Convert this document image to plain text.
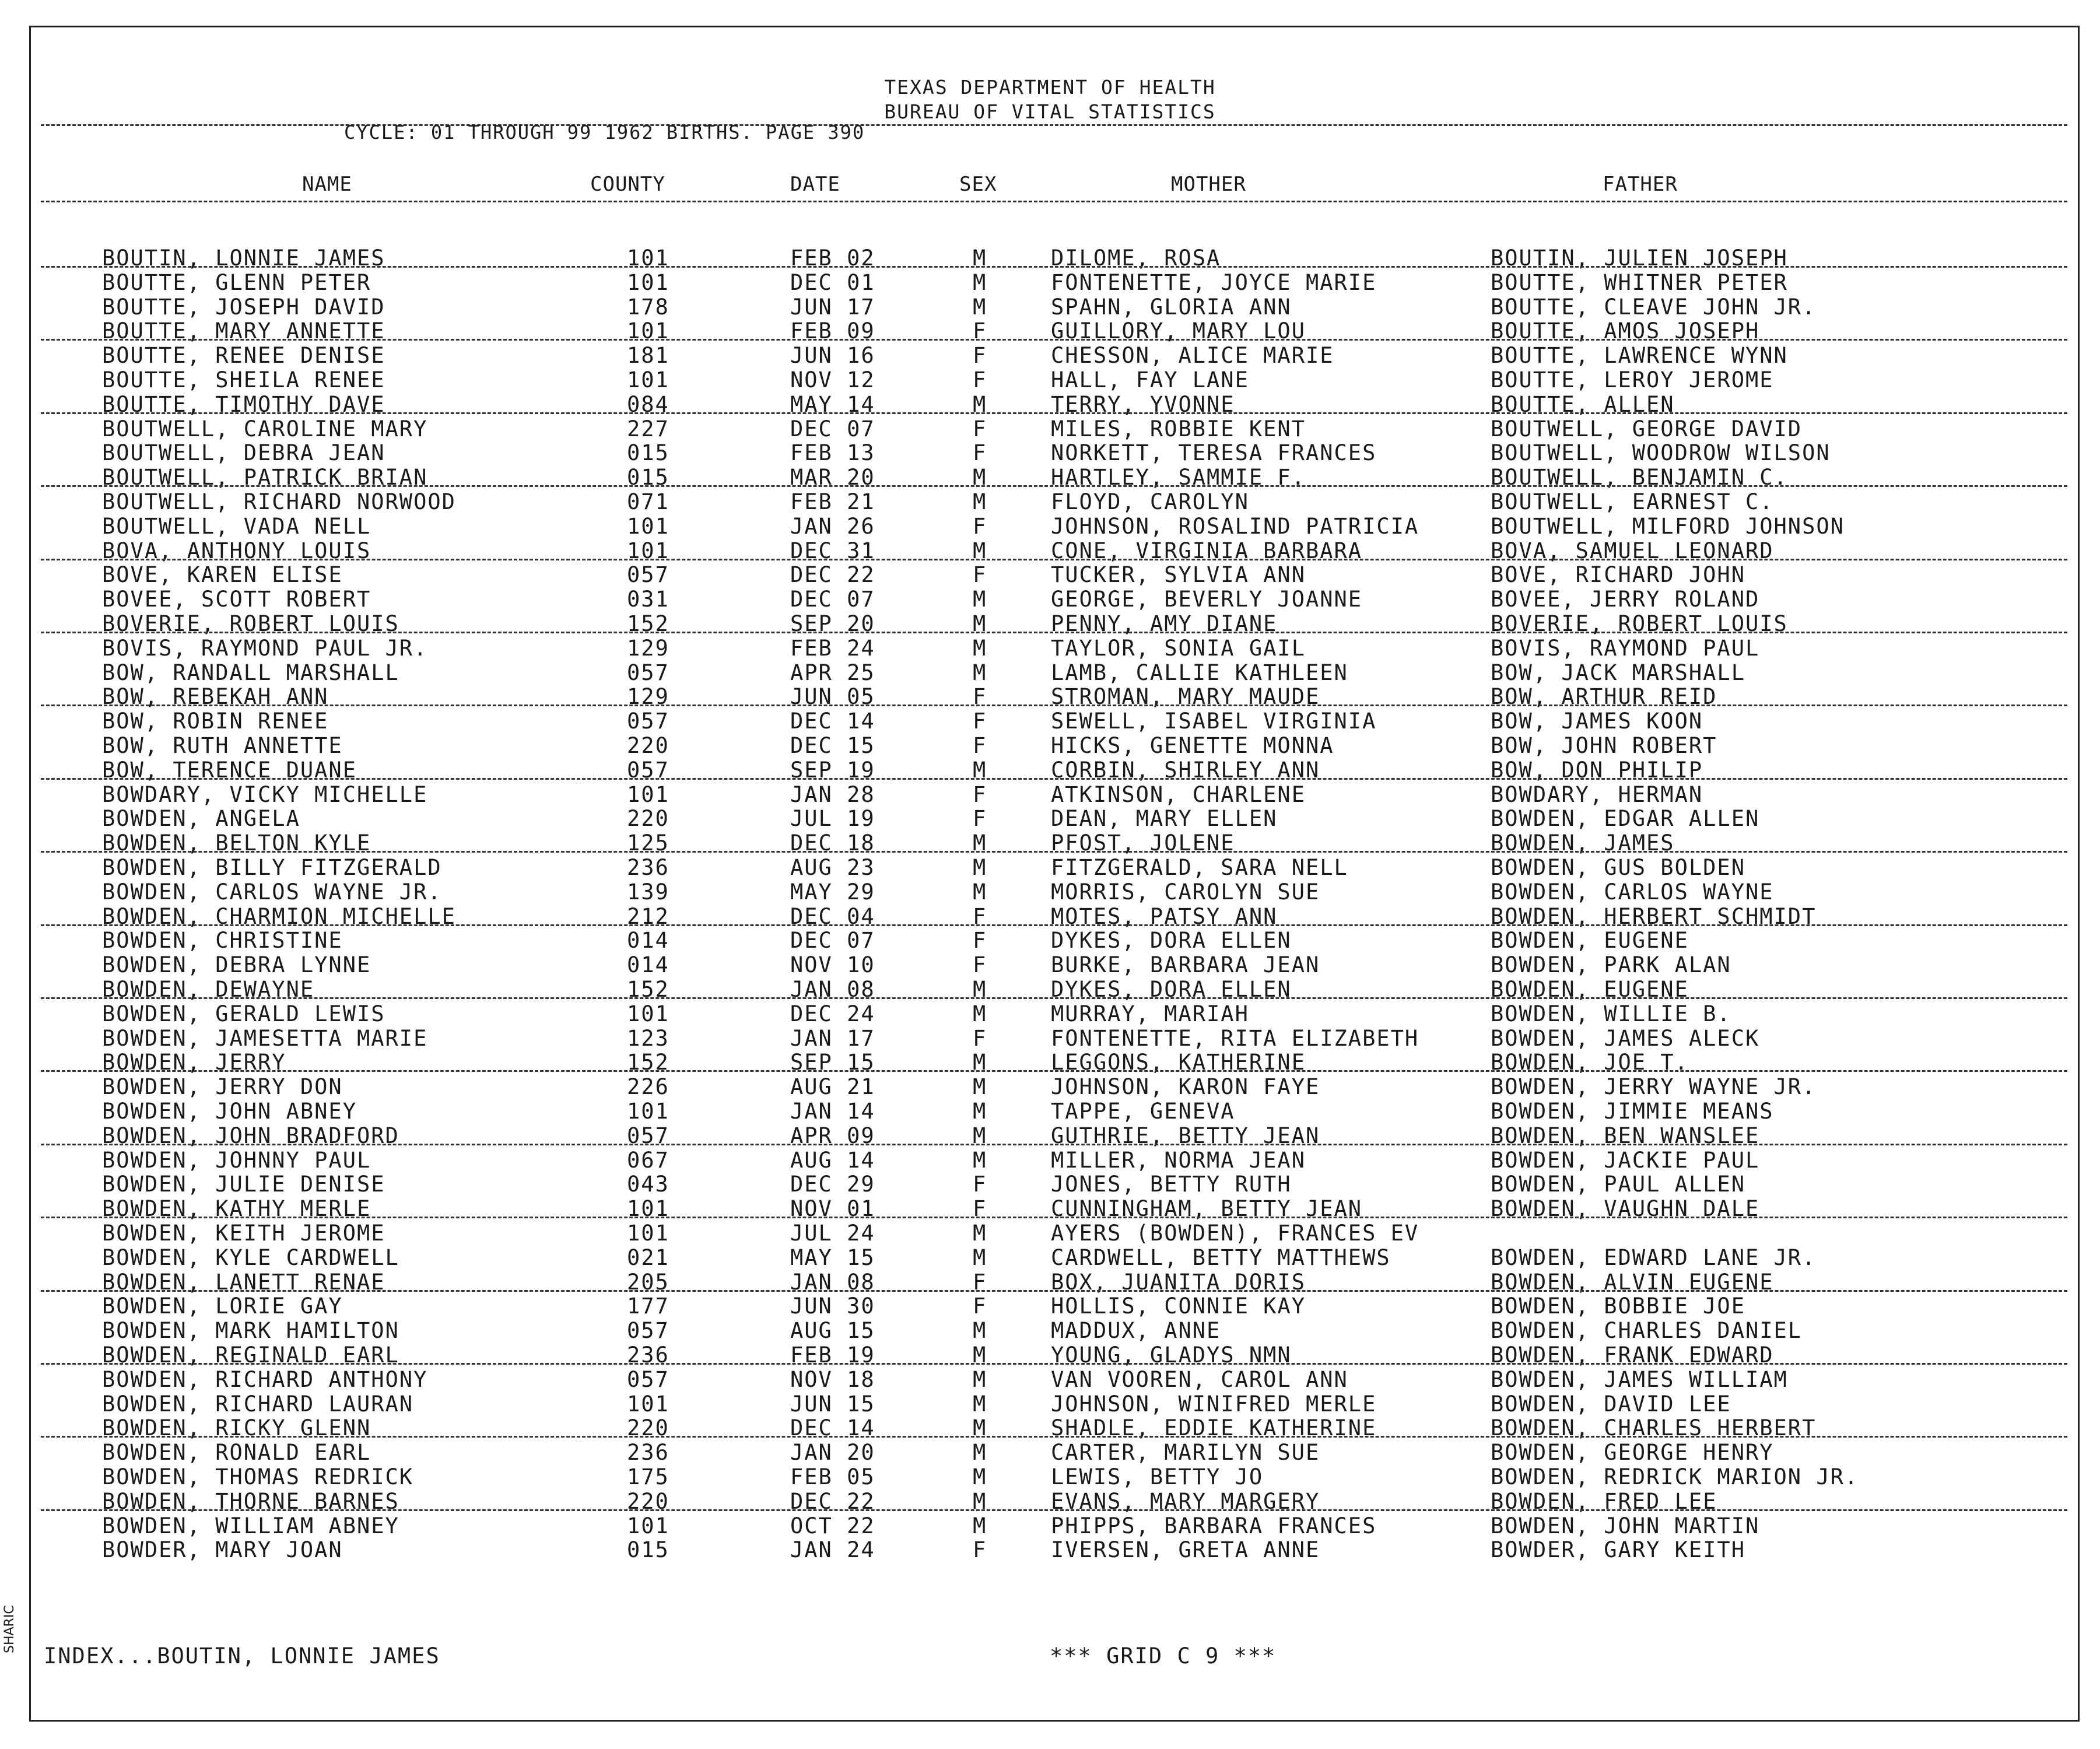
TEXAS DEPARTMENT OF HEALTH
BUREAU OF VITAL STATISTICS
CYCLE: 01 THROUGH 99 1962 BIRTHS. PAGE 390
NAME	COUNTY	DATE	SEX	MOTHER	FATHER
BOUTIN, LONNIE JAMES	101	FEB 02	M	DILOME, ROSA	BOUTIN, JULIEN JOSEPH
BOUTTE, GLENN PETER	101	DEC 01	M	FONTENETTE, JOYCE MARIE	BOUTTE, WHITNER PETER
BOUTTE, JOSEPH DAVID	178	JUN 17	M	SPAHN, GLORIA ANN	BOUTTE, CLEAVE JOHN JR.
BOUTTE, MARY ANNETTE	101	FEB 09	F	GUILLORY, MARY LOU	BOUTTE, AMOS JOSEPH
BOUTTE, RENEE DENISE	181	JUN 16	F	CHESSON, ALICE MARIE	BOUTTE, LAWRENCE WYNN
BOUTTE, SHEILA RENEE	101	NOV 12	F	HALL, FAY LANE	BOUTTE, LEROY JEROME
BOUTTE, TIMOTHY DAVE	084	MAY 14	M	TERRY, YVONNE	BOUTTE, ALLEN
BOUTWELL, CAROLINE MARY	227	DEC 07	F	MILES, ROBBIE KENT	BOUTWELL, GEORGE DAVID
BOUTWELL, DEBRA JEAN	015	FEB 13	F	NORKETT, TERESA FRANCES	BOUTWELL, WOODROW WILSON
BOUTWELL, PATRICK BRIAN	015	MAR 20	M	HARTLEY, SAMMIE F.	BOUTWELL, BENJAMIN C.
BOUTWELL, RICHARD NORWOOD	071	FEB 21	M	FLOYD, CAROLYN	BOUTWELL, EARNEST C.
BOUTWELL, VADA NELL	101	JAN 26	F	JOHNSON, ROSALIND PATRICIA	BOUTWELL, MILFORD JOHNSON
BOVA, ANTHONY LOUIS	101	DEC 31	M	CONE, VIRGINIA BARBARA	BOVA, SAMUEL LEONARD
BOVE, KAREN ELISE	057	DEC 22	F	TUCKER, SYLVIA ANN	BOVE, RICHARD JOHN
BOVEE, SCOTT ROBERT	031	DEC 07	M	GEORGE, BEVERLY JOANNE	BOVEE, JERRY ROLAND
BOVERIE, ROBERT LOUIS	152	SEP 20	M	PENNY, AMY DIANE	BOVERIE, ROBERT LOUIS
BOVIS, RAYMOND PAUL JR.	129	FEB 24	M	TAYLOR, SONIA GAIL	BOVIS, RAYMOND PAUL
BOW, RANDALL MARSHALL	057	APR 25	M	LAMB, CALLIE KATHLEEN	BOW, JACK MARSHALL
BOW, REBEKAH ANN	129	JUN 05	F	STROMAN, MARY MAUDE	BOW, ARTHUR REID
BOW, ROBIN RENEE	057	DEC 14	F	SEWELL, ISABEL VIRGINIA	BOW, JAMES KOON
BOW, RUTH ANNETTE	220	DEC 15	F	HICKS, GENETTE MONNA	BOW, JOHN ROBERT
BOW, TERENCE DUANE	057	SEP 19	M	CORBIN, SHIRLEY ANN	BOW, DON PHILIP
BOWDARY, VICKY MICHELLE	101	JAN 28	F	ATKINSON, CHARLENE	BOWDARY, HERMAN
BOWDEN, ANGELA	220	JUL 19	F	DEAN, MARY ELLEN	BOWDEN, EDGAR ALLEN
BOWDEN, BELTON KYLE	125	DEC 18	M	PFOST, JOLENE	BOWDEN, JAMES
BOWDEN, BILLY FITZGERALD	236	AUG 23	M	FITZGERALD, SARA NELL	BOWDEN, GUS BOLDEN
BOWDEN, CARLOS WAYNE JR.	139	MAY 29	M	MORRIS, CAROLYN SUE	BOWDEN, CARLOS WAYNE
BOWDEN, CHARMION MICHELLE	212	DEC 04	F	MOTES, PATSY ANN	BOWDEN, HERBERT SCHMIDT
BOWDEN, CHRISTINE	014	DEC 07	F	DYKES, DORA ELLEN	BOWDEN, EUGENE
BOWDEN, DEBRA LYNNE	014	NOV 10	F	BURKE, BARBARA JEAN	BOWDEN, PARK ALAN
BOWDEN, DEWAYNE	152	JAN 08	M	DYKES, DORA ELLEN	BOWDEN, EUGENE
BOWDEN, GERALD LEWIS	101	DEC 24	M	MURRAY, MARIAH	BOWDEN, WILLIE B.
BOWDEN, JAMESETTA MARIE	123	JAN 17	F	FONTENETTE, RITA ELIZABETH	BOWDEN, JAMES ALECK
BOWDEN, JERRY	152	SEP 15	M	LEGGONS, KATHERINE	BOWDEN, JOE T.
BOWDEN, JERRY DON	226	AUG 21	M	JOHNSON, KARON FAYE	BOWDEN, JERRY WAYNE JR.
BOWDEN, JOHN ABNEY	101	JAN 14	M	TAPPE, GENEVA	BOWDEN, JIMMIE MEANS
BOWDEN, JOHN BRADFORD	057	APR 09	M	GUTHRIE, BETTY JEAN	BOWDEN, BEN WANSLEE
BOWDEN, JOHNNY PAUL	067	AUG 14	M	MILLER, NORMA JEAN	BOWDEN, JACKIE PAUL
BOWDEN, JULIE DENISE	043	DEC 29	F	JONES, BETTY RUTH	BOWDEN, PAUL ALLEN
BOWDEN, KATHY MERLE	101	NOV 01	F	CUNNINGHAM, BETTY JEAN	BOWDEN, VAUGHN DALE
BOWDEN, KEITH JEROME	101	JUL 24	M	AYERS (BOWDEN), FRANCES EV
BOWDEN, KYLE CARDWELL	021	MAY 15	M	CARDWELL, BETTY MATTHEWS	BOWDEN, EDWARD LANE JR.
BOWDEN, LANETT RENAE	205	JAN 08	F	BOX, JUANITA DORIS	BOWDEN, ALVIN EUGENE
BOWDEN, LORIE GAY	177	JUN 30	F	HOLLIS, CONNIE KAY	BOWDEN, BOBBIE JOE
BOWDEN, MARK HAMILTON	057	AUG 15	M	MADDUX, ANNE	BOWDEN, CHARLES DANIEL
BOWDEN, REGINALD EARL	236	FEB 19	M	YOUNG, GLADYS NMN	BOWDEN, FRANK EDWARD
BOWDEN, RICHARD ANTHONY	057	NOV 18	M	VAN VOOREN, CAROL ANN	BOWDEN, JAMES WILLIAM
BOWDEN, RICHARD LAURAN	101	JUN 15	M	JOHNSON, WINIFRED MERLE	BOWDEN, DAVID LEE
BOWDEN, RICKY GLENN	220	DEC 14	M	SHADLE, EDDIE KATHERINE	BOWDEN, CHARLES HERBERT
BOWDEN, RONALD EARL	236	JAN 20	M	CARTER, MARILYN SUE	BOWDEN, GEORGE HENRY
BOWDEN, THOMAS REDRICK	175	FEB 05	M	LEWIS, BETTY JO	BOWDEN, REDRICK MARION JR.
BOWDEN, THORNE BARNES	220	DEC 22	M	EVANS, MARY MARGERY	BOWDEN, FRED LEE
BOWDEN, WILLIAM ABNEY	101	OCT 22	M	PHIPPS, BARBARA FRANCES	BOWDEN, JOHN MARTIN
BOWDER, MARY JOAN	015	JAN 24	F	IVERSEN, GRETA ANNE	BOWDER, GARY KEITH
INDEX...BOUTIN, LONNIE JAMES	*** GRID C 9 ***
SHARIC
